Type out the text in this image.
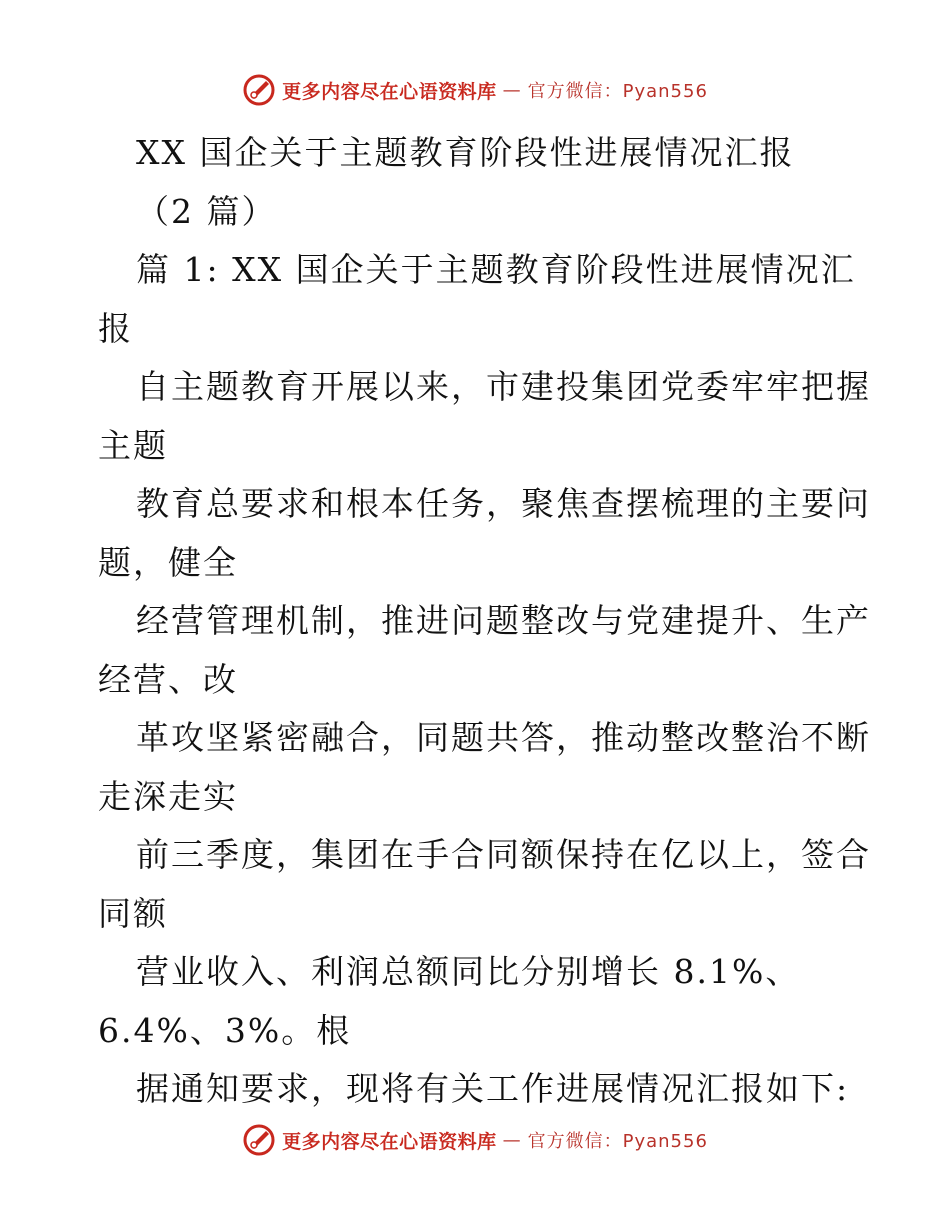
更多内容尽在心语资料库 — 官方微信：Pyan556

XX 国企关于主题教育阶段性进展情况汇报

（2 篇）

篇 1: XX 国企关于主题教育阶段性进展情况汇

报

自主题教育开展以来，市建投集团党委牢牢把握

主题

教育总要求和根本任务，聚焦查摆梳理的主要问

题，健全

经营管理机制，推进问题整改与党建提升、生产

经营、改

革攻坚紧密融合，同题共答，推动整改整治不断

走深走实

前三季度，集团在手合同额保持在亿以上，签合

同额

营业收入、利润总额同比分别增长 8.1%、

6.4%、3%。根

据通知要求，现将有关工作进展情况汇报如下:

更多内容尽在心语资料库 — 官方微信：Pyan556
